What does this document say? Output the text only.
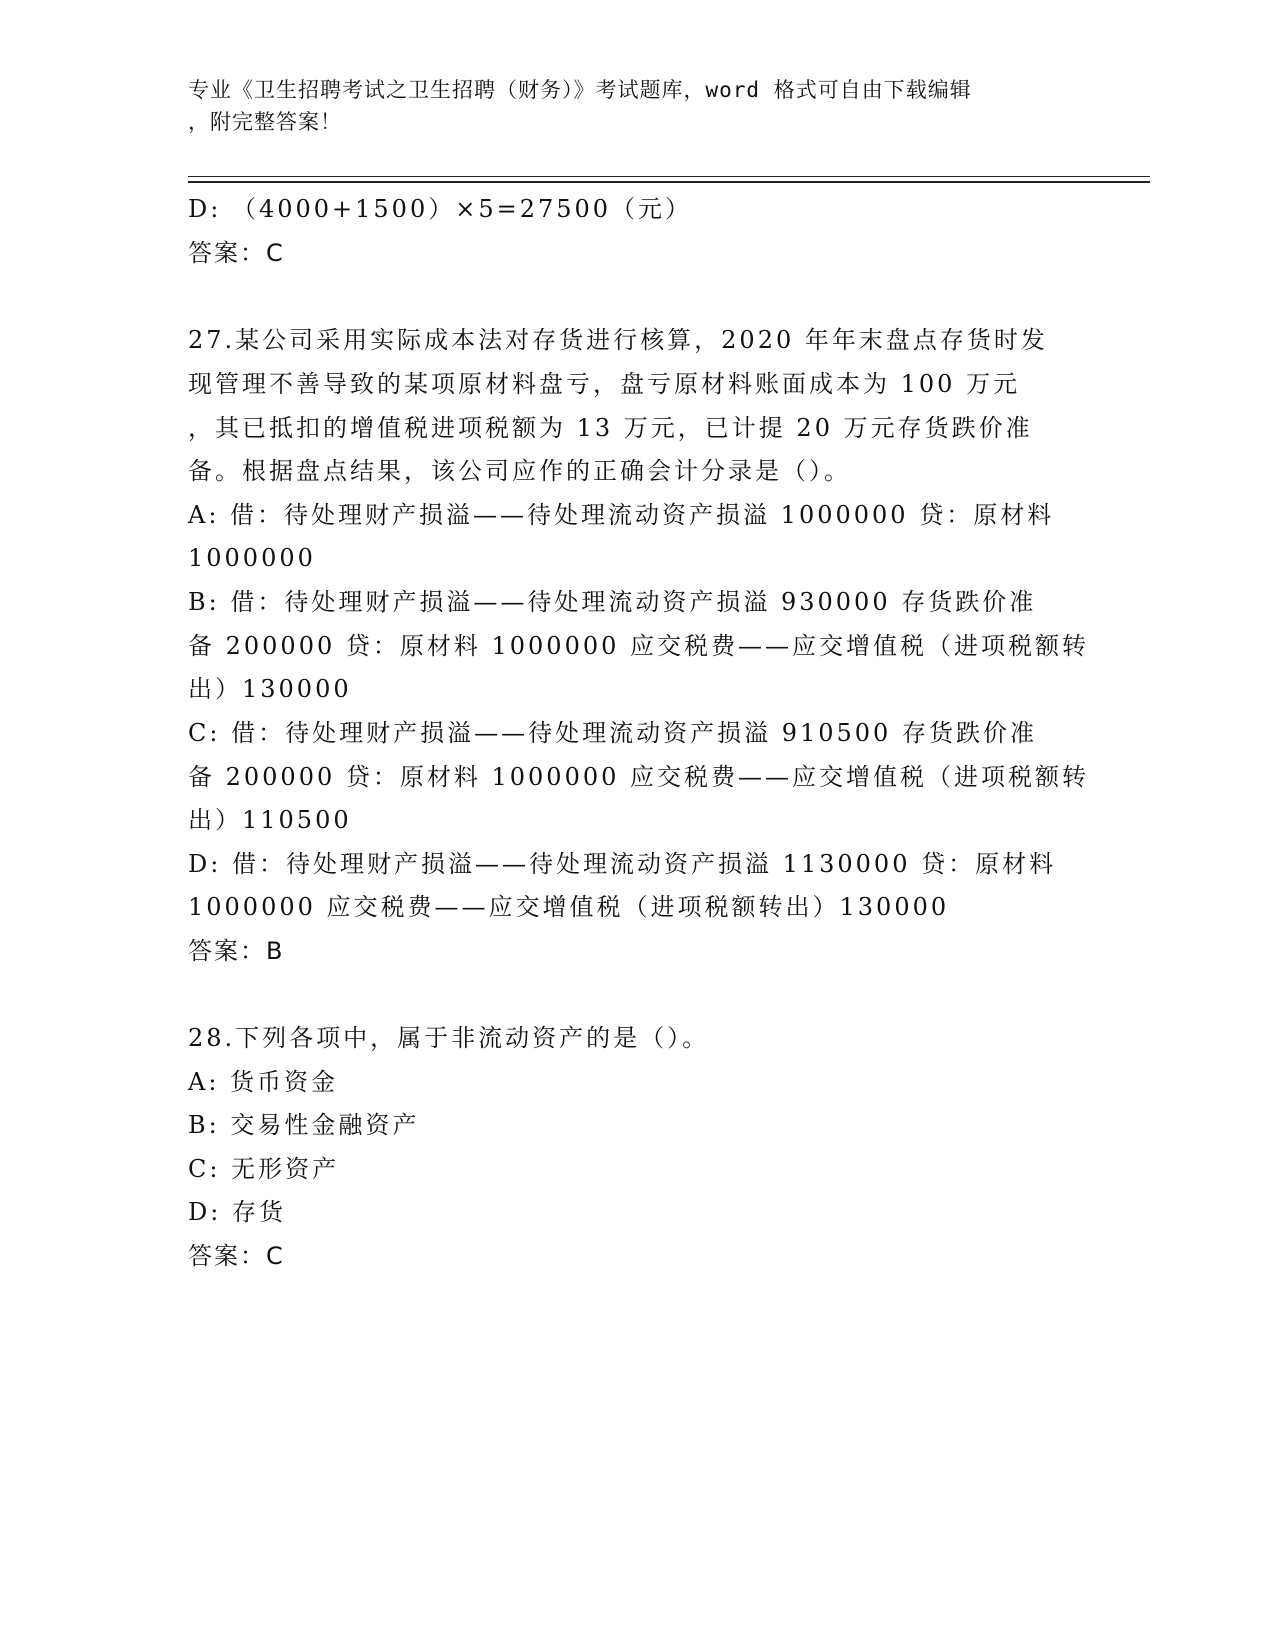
专业《卫生招聘考试之卫生招聘（财务）》考试题库，word 格式可自由下载编辑
，附完整答案！
D: （4000+1500）×5=27500（元）
答案：C
27.某公司采用实际成本法对存货进行核算，2020 年年末盘点存货时发
现管理不善导致的某项原材料盘亏，盘亏原材料账面成本为 100 万元
，其已抵扣的增值税进项税额为 13 万元，已计提 20 万元存货跌价准
备。根据盘点结果，该公司应作的正确会计分录是（）。
A: 借：待处理财产损溢——待处理流动资产损溢 1000000 贷：原材料
1000000
B: 借：待处理财产损溢——待处理流动资产损溢 930000 存货跌价准
备 200000 贷：原材料 1000000 应交税费——应交增值税（进项税额转
出）130000
C: 借：待处理财产损溢——待处理流动资产损溢 910500 存货跌价准
备 200000 贷：原材料 1000000 应交税费——应交增值税（进项税额转
出）110500
D: 借：待处理财产损溢——待处理流动资产损溢 1130000 贷：原材料
1000000 应交税费——应交增值税（进项税额转出）130000
答案：B
28.下列各项中，属于非流动资产的是（）。
A: 货币资金
B: 交易性金融资产
C: 无形资产
D: 存货
答案：C
